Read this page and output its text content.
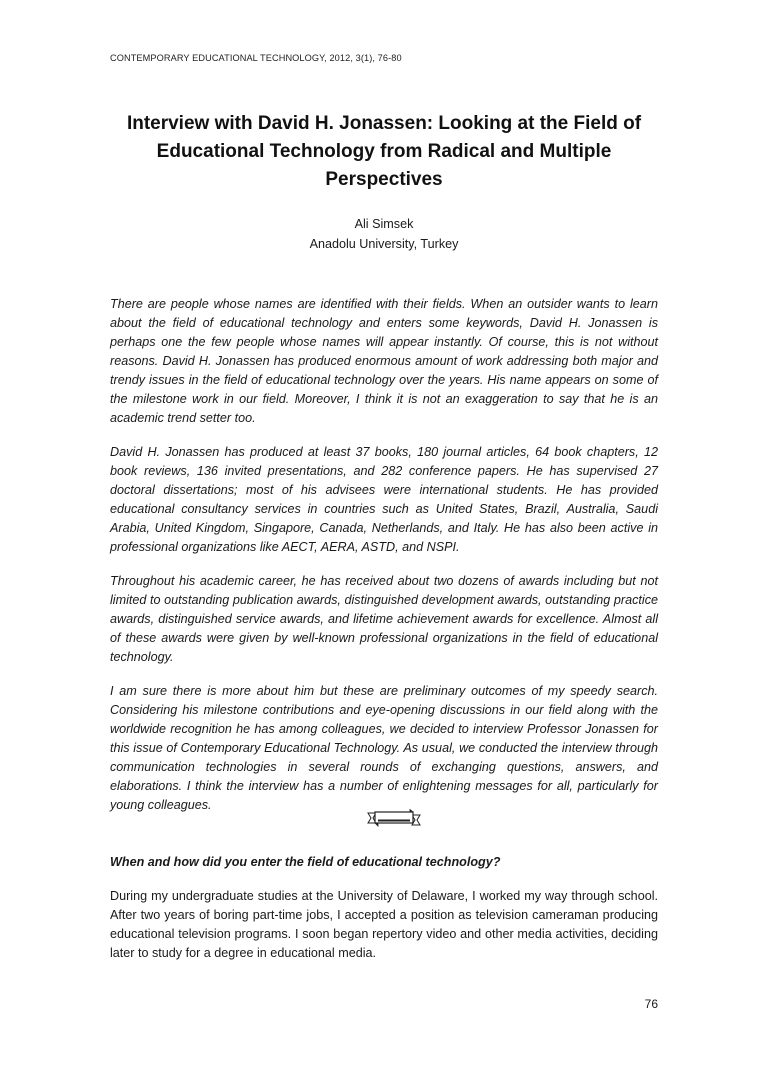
CONTEMPORARY EDUCATIONAL TECHNOLOGY, 2012, 3(1), 76-80
Interview with David H. Jonassen: Looking at the Field of
Educational Technology from Radical and Multiple Perspectives
Ali Simsek
Anadolu University, Turkey

There are people whose names are identified with their fields. When an outsider wants to learn about the field of educational technology and enters some keywords, David H. Jonassen is perhaps one the few people whose names will appear instantly. Of course, this is not without reasons. David H. Jonassen has produced enormous amount of work addressing both major and trendy issues in the field of educational technology over the years. His name appears on some of the milestone work in our field. Moreover, I think it is not an exaggeration to say that he is an academic trend setter too.

David H. Jonassen has produced at least 37 books, 180 journal articles, 64 book chapters, 12 book reviews, 136 invited presentations, and 282 conference papers. He has supervised 27 doctoral dissertations; most of his advisees were international students. He has provided educational consultancy services in countries such as United States, Brazil, Australia, Saudi Arabia, United Kingdom, Singapore, Canada, Netherlands, and Italy. He has also been active in professional organizations like AECT, AERA, ASTD, and NSPI.

Throughout his academic career, he has received about two dozens of awards including but not limited to outstanding publication awards, distinguished development awards, outstanding practice awards, distinguished service awards, and lifetime achievement awards for excellence. Almost all of these awards were given by well-known professional organizations in the field of educational technology.

I am sure there is more about him but these are preliminary outcomes of my speedy search. Considering his milestone contributions and eye-opening discussions in our field along with the worldwide recognition he has among colleagues, we decided to interview Professor Jonassen for this issue of Contemporary Educational Technology. As usual, we conducted the interview through communication technologies in several rounds of exchanging questions, answers, and elaborations. I think the interview has a number of enlightening messages for all, particularly for young colleagues.

When and how did you enter the field of educational technology?

During my undergraduate studies at the University of Delaware, I worked my way through school. After two years of boring part-time jobs, I accepted a position as television cameraman producing educational television programs. I soon began repertory video and other media activities, deciding later to study for a degree in educational media.

76
